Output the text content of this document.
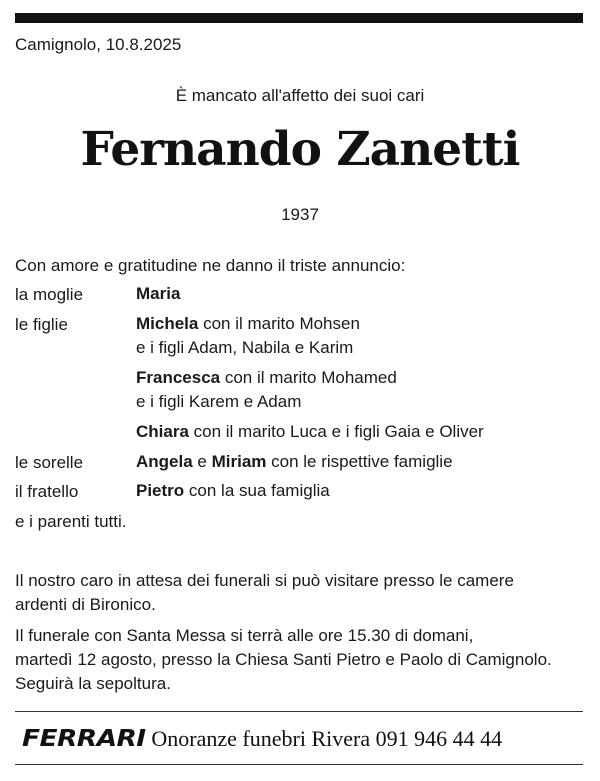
Camignolo, 10.8.2025
È mancato all'affetto dei suoi cari
Fernando Zanetti
1937
Con amore e gratitudine ne danno il triste annuncio:
la moglie	Maria
le figlie	Michela con il marito Mohsen
e i figli Adam, Nabila e Karim
Francesca con il marito Mohamed
e i figli Karem e Adam
Chiara con il marito Luca e i figli Gaia e Oliver
le sorelle	Angela e Miriam con le rispettive famiglie
il fratello	Pietro con la sua famiglia
e i parenti tutti.
Il nostro caro in attesa dei funerali si può visitare presso le camere
ardenti di Bironico.
Il funerale con Santa Messa si terrà alle ore 15.30 di domani,
martedì 12 agosto, presso la Chiesa Santi Pietro e Paolo di Camignolo.
Seguirà la sepoltura.
FERRARI Onoranze funebri Rivera 091 946 44 44
